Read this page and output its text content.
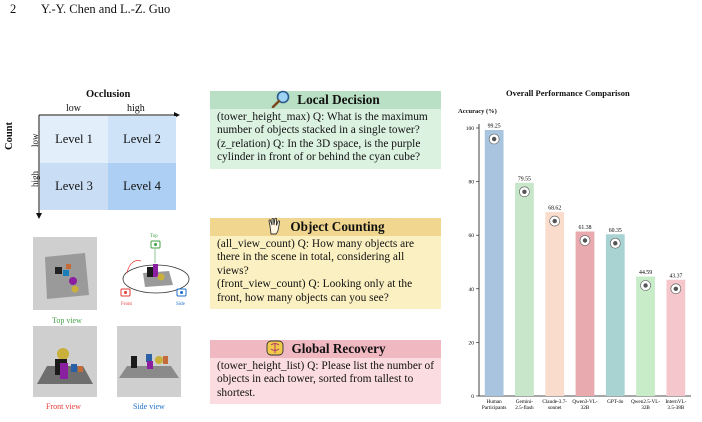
2 Y.-Y. Chen and L.-Z. Guo
Occlusion
low	high
Count low
high
Level 1	Level 2
Level 3	Level 4
Top view
Top
Front	Side
Front view	Side view
Local Decision

(tower_height_max) Q: What is the maximum number of objects stacked in a single tower?

(z_relation) Q: In the 3D space, is the purple cylinder in front of or behind the cyan cube?

Object Counting

(all_view_count) Q: How many objects are there in the scene in total, considering all views?

(front_view_count) Q: Looking only at the front, how many objects can you see?

Global Recovery

(tower_height_list) Q: Please list the number of objects in each tower, sorted from tallest to shortest.

Overall Performance Comparison
Accuracy (%)
0
20
40
60
80
100 99.25
Human Participants
79.55
Gemini-2.5-flash
68.62
Claude-3.7-sonnet
61.38
Qwen3-VL-32B
60.35
GPT-4o
44.59
Qwen2.5-VL-32B
43.37
InternVL-3.5-38B
